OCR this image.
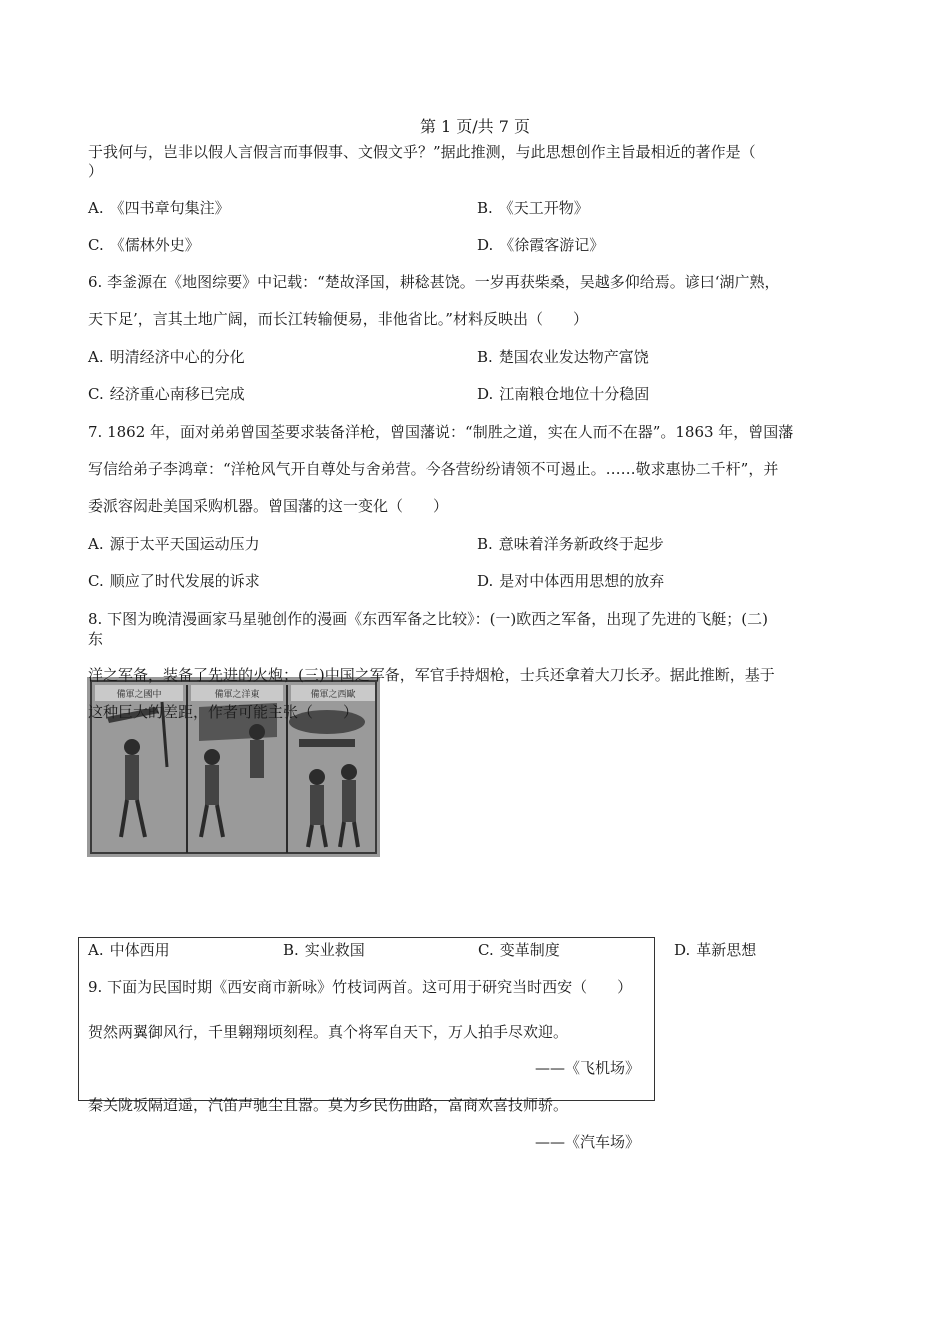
第 1 页/共 7 页
于我何与，岂非以假人言假言而事假事、文假文乎？”据此推测，与此思想创作主旨最相近的著作是（
）
A. 《四书章句集注》	B. 《天工开物》
C. 《儒林外史》	D. 《徐霞客游记》
6. 李釜源在《地图综要》中记载：“楚故泽国，耕稔甚饶。一岁再获柴桑，吴越多仰给焉。谚曰‘湖广熟，
天下足’，言其土地广阔，而长江转输便易，非他省比。”材料反映出（　　）
A. 明清经济中心的分化	B. 楚国农业发达物产富饶
C. 经济重心南移已完成	D. 江南粮仓地位十分稳固
7. 1862 年，面对弟弟曾国荃要求装备洋枪，曾国藩说：“制胜之道，实在人而不在器”。1863 年，曾国藩
写信给弟子李鸿章：“洋枪风气开自尊处与舍弟营。今各营纷纷请领不可遏止。……敬求惠协二千杆”，并
委派容闳赴美国采购机器。曾国藩的这一变化（　　）
A. 源于太平天国运动压力	B. 意味着洋务新政终于起步
C. 顺应了时代发展的诉求	D. 是对中体西用思想的放弃
8. 下图为晚清漫画家马星驰创作的漫画《东西军备之比较》：(一)欧西之军备，出现了先进的飞艇；(二)
东
備軍之國中	備軍之洋東	備軍之西歐
洋之军备，装备了先进的火炮；(三)中国之军备，军官手持烟枪，士兵还拿着大刀长矛。据此推断，基于
这种巨大的差距，作者可能主张（　　）
A. 中体西用	B. 实业救国	C. 变革制度	D. 革新思想
9. 下面为民国时期《西安商市新咏》竹枝词两首。这可用于研究当时西安（　　）
贺然两翼御风行，千里翱翔顷刻程。真个将军自天下，万人拍手尽欢迎。
——《飞机场》
秦关陇坂隔迢遥，汽笛声驰尘且嚣。莫为乡民伤曲路，富商欢喜技师骄。
——《汽车场》
